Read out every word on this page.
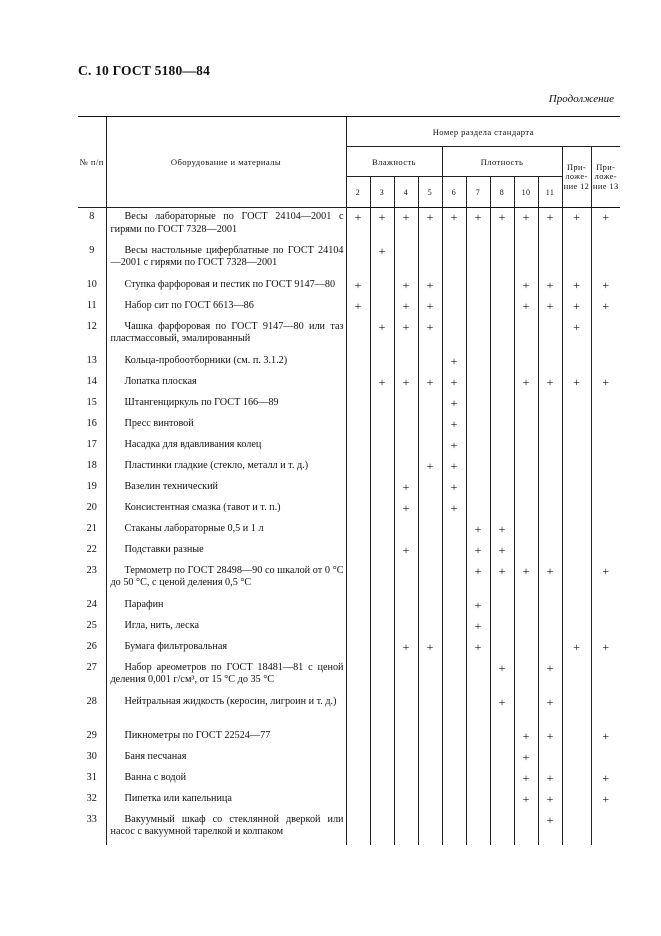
С. 10 ГОСТ 5180—84
Продолжение
№ п/п	Оборудование и материалы	Номер раздела стандарта										
		Влажность				Плотность					При-ложе-ние 12	При-ложе-ние 13
		2	3	4	5	6	7	8	10	11		
8	Весы лабораторные по ГОСТ 24104—2001 с гирями по ГОСТ 7328—2001	+	+	+	+	+	+	+	+	+	+	+
9	Весы настольные циферблатные по ГОСТ 24104—2001 с гирями по ГОСТ 7328—2001		+									
10	Ступка фарфоровая и пестик по ГОСТ 9147—80	+		+	+				+	+	+	+
11	Набор сит по ГОСТ 6613—86	+		+	+				+	+	+	+
12	Чашка фарфоровая по ГОСТ 9147—80 или таз пластмассовый, эмалированный		+	+	+						+	
13	Кольца-пробоотборники (см. п. 3.1.2)					+						
14	Лопатка плоская		+	+	+	+			+	+	+	+
15	Штангенциркуль по ГОСТ 166—89					+						
16	Пресс винтовой					+						
17	Насадка для вдавливания колец					+						
18	Пластинки гладкие (стекло, металл и т. д.)				+	+						
19	Вазелин технический			+		+						
20	Консистентная смазка (тавот и т. п.)			+		+						
21	Стаканы лабораторные 0,5 и 1 л						+	+				
22	Подставки разные			+			+	+				
23	Термометр по ГОСТ 28498—90 со шкалой от 0 °С до 50 °С, с ценой деления 0,5 °С						+	+	+	+		+
24	Парафин						+					
25	Игла, нить, леска						+					
26	Бумага фильтровальная			+	+		+				+	+
27	Набор ареометров по ГОСТ 18481—81 с ценой деления 0,001 г/см³, от 15 °С до 35 °С							+		+		
28	Нейтральная жидкость (керосин, лигроин и т. д.)							+		+		
29	Пикнометры по ГОСТ 22524—77								+	+		+
30	Баня песчаная								+			
31	Ванна с водой								+	+		+
32	Пипетка или капельница								+	+		+
33	Вакуумный шкаф со стеклянной дверкой или насос с вакуумной тарелкой и колпаком									+		
